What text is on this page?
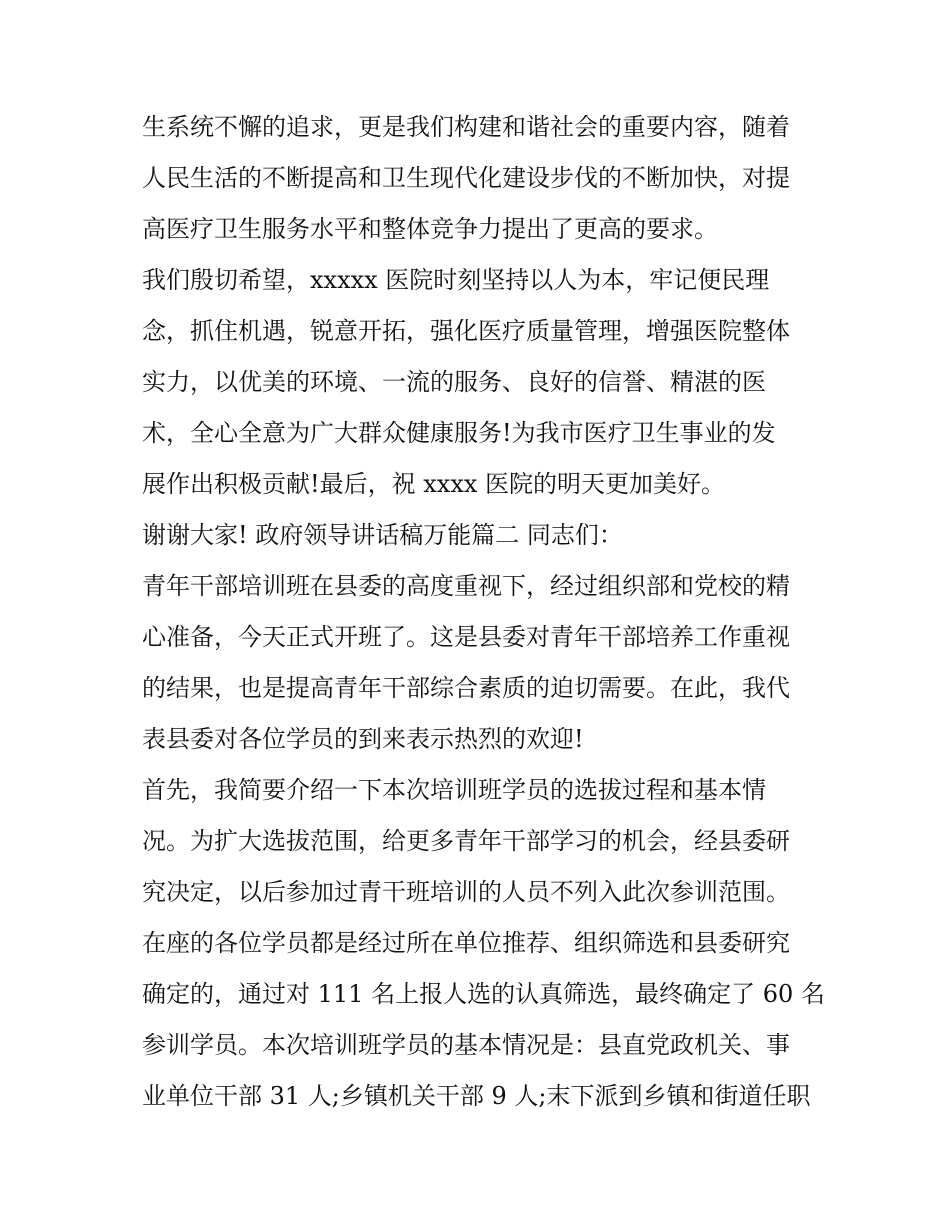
生系统不懈的追求，更是我们构建和谐社会的重要内容，随着
人民生活的不断提高和卫生现代化建设步伐的不断加快，对提
高医疗卫生服务水平和整体竞争力提出了更高的要求。
我们殷切希望，xxxxx 医院时刻坚持以人为本，牢记便民理
念，抓住机遇，锐意开拓，强化医疗质量管理，增强医院整体
实力，以优美的环境、一流的服务、良好的信誉、精湛的医
术，全心全意为广大群众健康服务!为我市医疗卫生事业的发
展作出积极贡献!最后，祝 xxxx 医院的明天更加美好。
谢谢大家! 政府领导讲话稿万能篇二 同志们：
青年干部培训班在县委的高度重视下，经过组织部和党校的精
心准备，今天正式开班了。这是县委对青年干部培养工作重视
的结果，也是提高青年干部综合素质的迫切需要。在此，我代
表县委对各位学员的到来表示热烈的欢迎!
首先，我简要介绍一下本次培训班学员的选拔过程和基本情
况。为扩大选拔范围，给更多青年干部学习的机会，经县委研
究决定，以后参加过青干班培训的人员不列入此次参训范围。
在座的各位学员都是经过所在单位推荐、组织筛选和县委研究
确定的，通过对 111 名上报人选的认真筛选，最终确定了 60 名
参训学员。本次培训班学员的基本情况是：县直党政机关、事
业单位干部 31 人;乡镇机关干部 9 人;末下派到乡镇和街道任职
